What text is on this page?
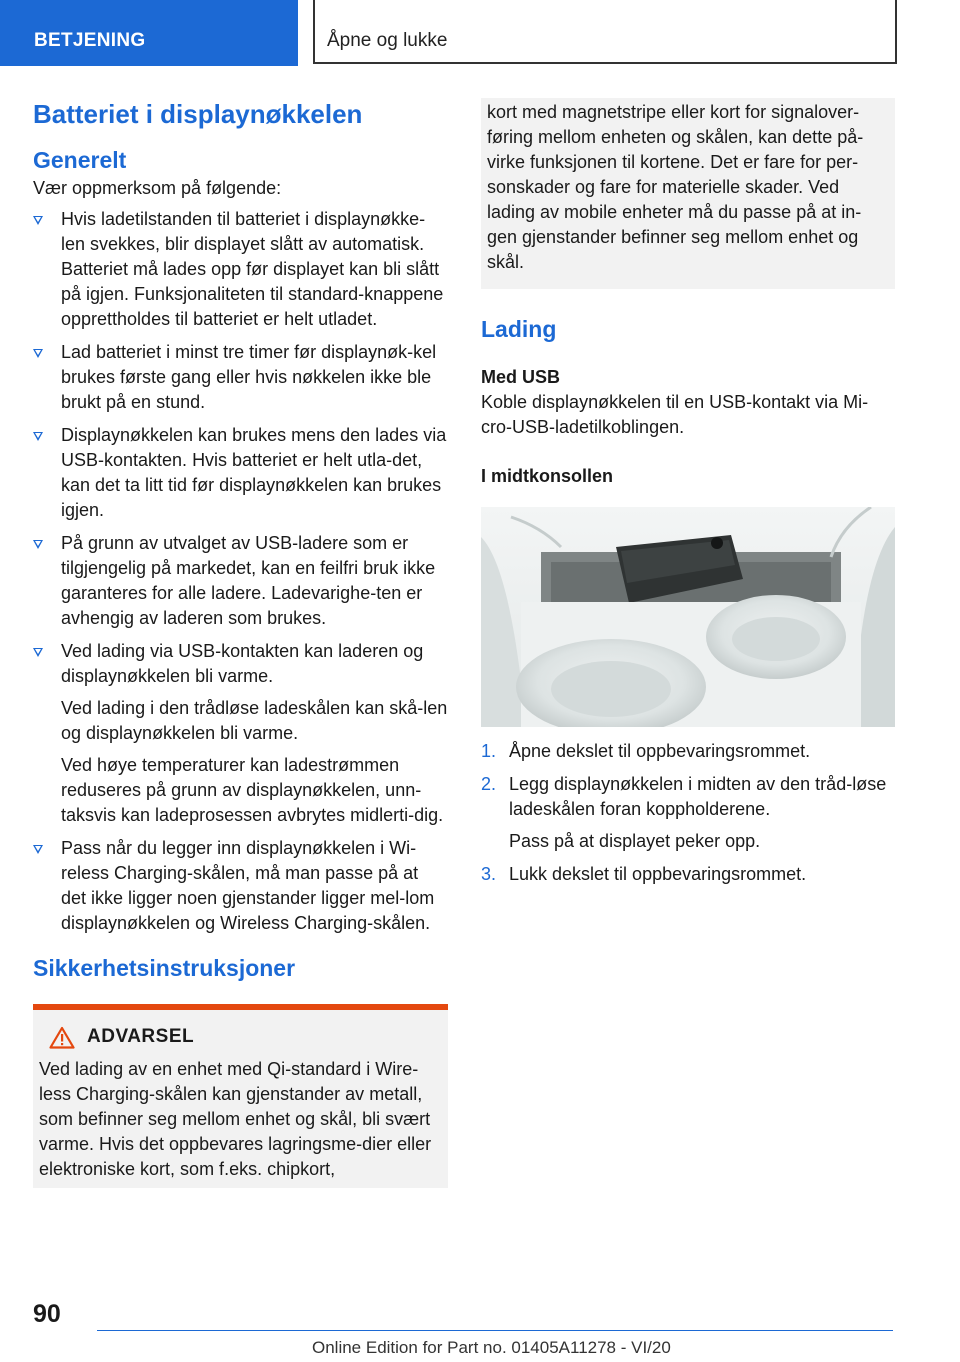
BETJENING	Åpne og lukke
Batteriet i displaynøkkelen
Generelt

Vær oppmerksom på følgende:

Hvis ladetilstanden til batteriet i displaynøkke-len svekkes, blir displayet slått av automatisk. Batteriet må lades opp før displayet kan bli slått på igjen. Funksjonaliteten til standard-knappene opprettholdes til batteriet er helt utladet.
Lad batteriet i minst tre timer før displaynøk-kel brukes første gang eller hvis nøkkelen ikke ble brukt på en stund.
Displaynøkkelen kan brukes mens den lades via USB-kontakten. Hvis batteriet er helt utla-det, kan det ta litt tid før displaynøkkelen kan brukes igjen.
På grunn av utvalget av USB-ladere som er tilgjengelig på markedet, kan en feilfri bruk ikke garanteres for alle ladere. Ladevarighe-ten er avhengig av laderen som brukes.
Ved lading via USB-kontakten kan laderen og displaynøkkelen bli varme.
Ved lading i den trådløse ladeskålen kan skå-len og displaynøkkelen bli varme.
Ved høye temperaturer kan ladestrømmen reduseres på grunn av displaynøkkelen, unn-taksvis kan ladeprosessen avbrytes midlerti-dig.
Pass når du legger inn displaynøkkelen i Wi-reless Charging-skålen, må man passe på at det ikke ligger noen gjenstander ligger mel-lom displaynøkkelen og Wireless Charging-skålen.
Sikkerhetsinstruksjoner
ADVARSEL
Ved lading av en enhet med Qi-standard i Wire-less Charging-skålen kan gjenstander av metall, som befinner seg mellom enhet og skål, bli svært varme. Hvis det oppbevares lagringsme-dier eller elektroniske kort, som f.eks. chipkort,
kort med magnetstripe eller kort for signalover-føring mellom enheten og skålen, kan dette på-virke funksjonen til kortene. Det er fare for per-sonskader og fare for materielle skader. Ved lading av mobile enheter må du passe på at in-gen gjenstander befinner seg mellom enhet og skål.
Lading

Med USB

Koble displaynøkkelen til en USB-kontakt via Mi-cro-USB-ladetilkoblingen.

I midtkonsollen

1. Åpne dekslet til oppbevaringsrommet.
2. Legg displaynøkkelen i midten av den tråd-løse ladeskålen foran koppholderene.
Pass på at displayet peker opp.
3. Lukk dekslet til oppbevaringsrommet.
90
Online Edition for Part no. 01405A11278 - VI/20
